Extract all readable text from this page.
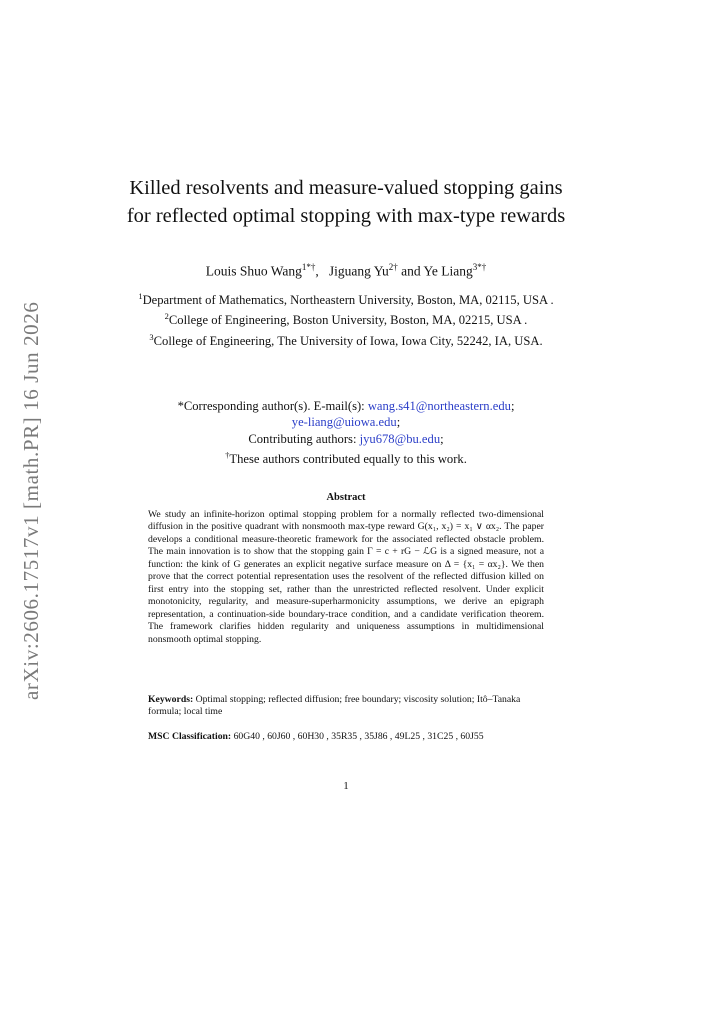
arXiv:2606.17517v1 [math.PR] 16 Jun 2026
Killed resolvents and measure-valued stopping gains for reflected optimal stopping with max-type rewards
Louis Shuo Wang$^{1*\dagger}$,   Jiguang $Yu^{2\dagger}$ and Ye Liang$^{3*\dagger}$
$^1$Department of Mathematics, Northeastern University, Boston, MA, 02115, USA .
$^2$College of Engineering, Boston University, Boston, MA, 02215, USA .
$^3$College of Engineering, The University of Iowa, Iowa City, 52242, IA, USA.
*Corresponding author(s). E-mail(s): wang.s41@northeastern.edu;
ye-liang@uiowa.edu;
Contributing authors: jyu678@bu.edu;
†These authors contributed equally to this work.
Abstract
We study an infinite-horizon optimal stopping problem for a normally reflected two-dimensional diffusion in the positive quadrant with nonsmooth max-type reward G(x₁, x₂) = x₁ ∨ αx₂. The paper develops a conditional measure-theoretic framework for the associated reflected obstacle problem. The main innovation is to show that the stopping gain Γ = c + rG − ℒG is a signed measure, not a function: the kink of G generates an explicit negative surface measure on Δ = {x₁ = αx₂}. We then prove that the correct potential representation uses the resolvent of the reflected diffusion killed on first entry into the stopping set, rather than the unrestricted reflected resolvent. Under explicit monotonicity, regularity, and measure-superharmonicity assumptions, we derive an epigraph representation, a continuation-side boundary-trace condition, and a candidate verification theorem. The framework clarifies hidden regularity and uniqueness assumptions in multidimensional nonsmooth optimal stopping.
Keywords: Optimal stopping; reflected diffusion; free boundary; viscosity solution; Itô–Tanaka formula; local time
MSC Classification: 60G40 , 60J60 , 60H30 , 35R35 , 35J86 , 49L25 , 31C25 , 60J55
1
